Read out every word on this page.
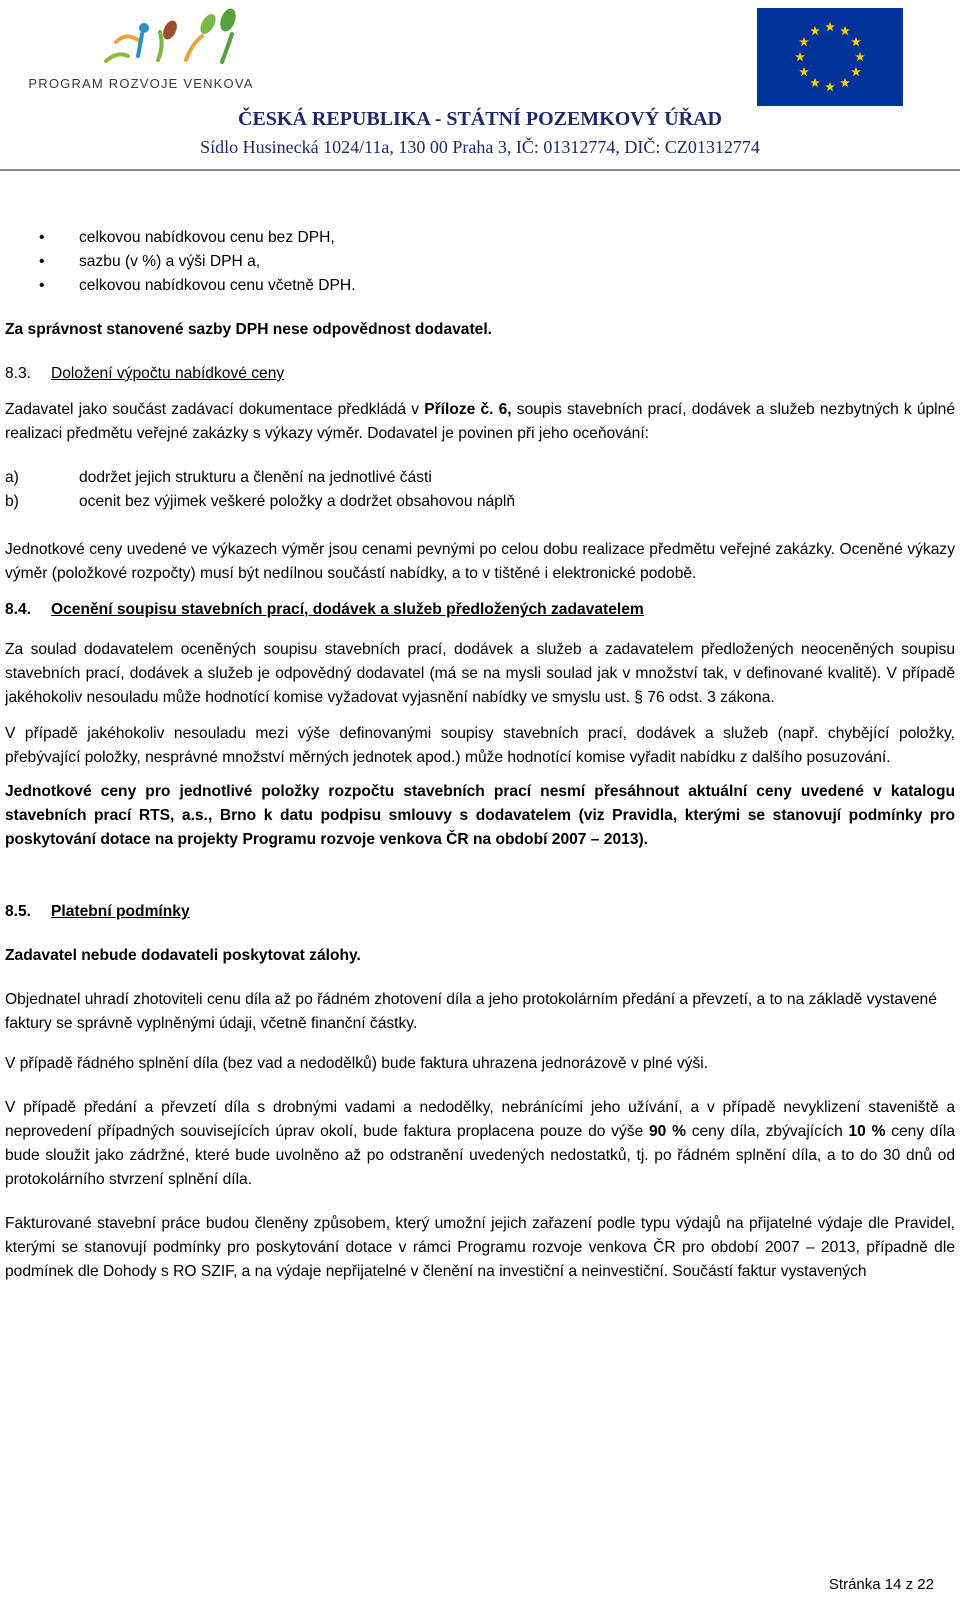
PROGRAM ROZVOJE VENKOVA
ČESKÁ REPUBLIKA - STÁTNÍ POZEMKOVÝ ÚŘAD
Sídlo Husinecká 1024/11a, 130 00 Praha 3, IČ: 01312774, DIČ: CZ01312774
• celkovou nabídkovou cenu bez DPH,
• sazbu (v %) a výši DPH a,
• celkovou nabídkovou cenu včetně DPH.

Za správnost stanovené sazby DPH nese odpovědnost dodavatel.

8.3. Doložení výpočtu nabídkové ceny

Zadavatel jako součást zadávací dokumentace předkládá v Příloze č. 6, soupis stavebních prací, dodávek a služeb nezbytných k úplné realizaci předmětu veřejné zakázky s výkazy výměr. Dodavatel je povinen při jeho oceňování:

a)	dodržet jejich strukturu a členění na jednotlivé části
b)	ocenit bez výjimek veškeré položky a dodržet obsahovou náplň

Jednotkové ceny uvedené ve výkazech výměr jsou cenami pevnými po celou dobu realizace předmětu veřejné zakázky. Oceněné výkazy výměr (položkové rozpočty) musí být nedílnou součástí nabídky, a to v tištěné i elektronické podobě.

8.4. Ocenění soupisu stavebních prací, dodávek a služeb předložených zadavatelem

Za soulad dodavatelem oceněných soupisu stavebních prací, dodávek a služeb a zadavatelem předložených neoceněných soupisu stavebních prací, dodávek a služeb je odpovědný dodavatel (má se na mysli soulad jak v množství tak, v definované kvalitě). V případě jakéhokoliv nesouladu může hodnotící komise vyžadovat vyjasnění nabídky ve smyslu ust. § 76 odst. 3 zákona.

V případě jakéhokoliv nesouladu mezi výše definovanými soupisy stavebních prací, dodávek a služeb (např. chybějící položky, přebývající položky, nesprávné množství měrných jednotek apod.) může hodnotící komise vyřadit nabídku z dalšího posuzování.

Jednotkové ceny pro jednotlivé položky rozpočtu stavebních prací nesmí přesáhnout aktuální ceny uvedené v katalogu stavebních prací RTS, a.s., Brno k datu podpisu smlouvy s dodavatelem (viz Pravidla, kterými se stanovují podmínky pro poskytování dotace na projekty Programu rozvoje venkova ČR na období 2007 – 2013).

8.5. Platební podmínky

Zadavatel nebude dodavateli poskytovat zálohy.

Objednatel uhradí zhotoviteli cenu díla až po řádném zhotovení díla a jeho protokolárním předání a převzetí, a to na základě vystavené faktury se správně vyplněnými údaji, včetně finanční částky.

V případě řádného splnění díla (bez vad a nedodělků) bude faktura uhrazena jednorázově v plné výši.

V případě předání a převzetí díla s drobnými vadami a nedodělky, nebránícími jeho užívání, a v případě nevyklizení staveniště a neprovedení případných souvisejících úprav okolí, bude faktura proplacena pouze do výše 90 % ceny díla, zbývajících 10 % ceny díla bude sloužit jako zádržné, které bude uvolněno až po odstranění uvedených nedostatků, tj. po řádném splnění díla, a to do 30 dnů od protokolárního stvrzení splnění díla.

Fakturované stavební práce budou členěny způsobem, který umožní jejich zařazení podle typu výdajů na přijatelné výdaje dle Pravidel, kterými se stanovují podmínky pro poskytování dotace v rámci Programu rozvoje venkova ČR pro období 2007 – 2013, případně dle podmínek dle Dohody s RO SZIF, a na výdaje nepřijatelné v členění na investiční a neinvestiční. Součástí faktur vystavených

Stránka 14 z 22
